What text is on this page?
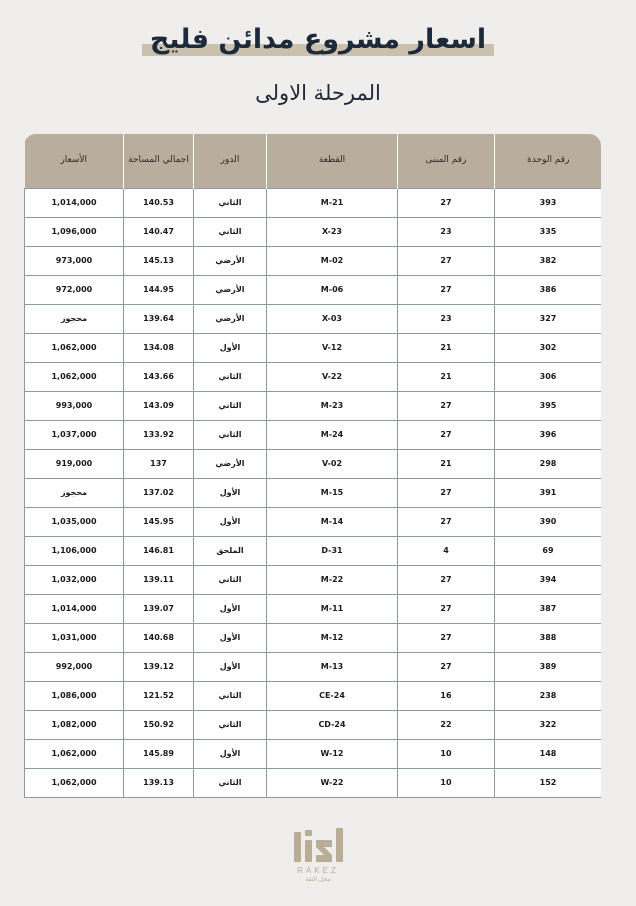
اسعار مشروع مدائن فليج
المرحلة الاولى
رقم الوحدة	رقم المبنى	القطعة	الدور	اجمالي المساحة	الأسعار
393	27	M-21	الثاني	140.53	1,014,000
335	23	X-23	الثاني	140.47	1,096,000
382	27	M-02	الأرضي	145.13	973,000
386	27	M-06	الأرضي	144.95	972,000
327	23	X-03	الأرضي	139.64	محجوز
302	21	V-12	الأول	134.08	1,062,000
306	21	V-22	الثاني	143.66	1,062,000
395	27	M-23	الثاني	143.09	993,000
396	27	M-24	الثاني	133.92	1,037,000
298	21	V-02	الأرضي	137	919,000
391	27	M-15	الأول	137.02	محجوز
390	27	M-14	الأول	145.95	1,035,000
69	4	D-31	الملحق	146.81	1,106,000
394	27	M-22	الثاني	139.11	1,032,000
387	27	M-11	الأول	139.07	1,014,000
388	27	M-12	الأول	140.68	1,031,000
389	27	M-13	الأول	139.12	992,000
238	16	CE-24	الثاني	121.52	1,086,000
322	22	CD-24	الثاني	150.92	1,082,000
148	10	W-12	الأول	145.89	1,062,000
152	10	W-22	الثاني	139.13	1,062,000
RAKEZ
محل الثقة
